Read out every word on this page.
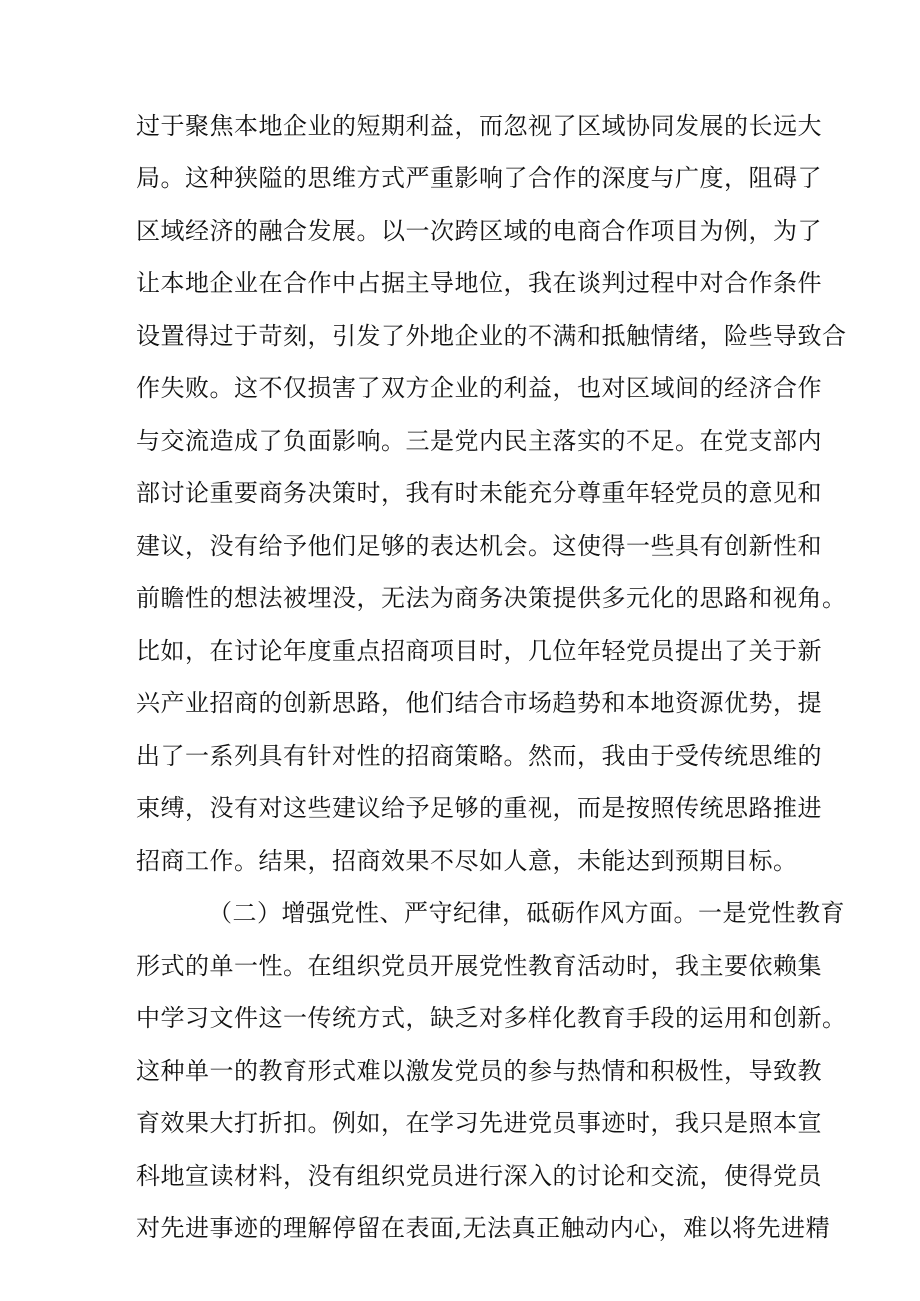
过于聚焦本地企业的短期利益，而忽视了区域协同发展的长远大
局。这种狭隘的思维方式严重影响了合作的深度与广度，阻碍了
区域经济的融合发展。以一次跨区域的电商合作项目为例，为了
让本地企业在合作中占据主导地位，我在谈判过程中对合作条件
设置得过于苛刻，引发了外地企业的不满和抵触情绪，险些导致合
作失败。这不仅损害了双方企业的利益，也对区域间的经济合作
与交流造成了负面影响。三是党内民主落实的不足。在党支部内
部讨论重要商务决策时，我有时未能充分尊重年轻党员的意见和
建议，没有给予他们足够的表达机会。这使得一些具有创新性和
前瞻性的想法被埋没，无法为商务决策提供多元化的思路和视角。
比如，在讨论年度重点招商项目时，几位年轻党员提出了关于新
兴产业招商的创新思路，他们结合市场趋势和本地资源优势，提
出了一系列具有针对性的招商策略。然而，我由于受传统思维的
束缚，没有对这些建议给予足够的重视，而是按照传统思路推进
招商工作。结果，招商效果不尽如人意，未能达到预期目标。
（二）增强党性、严守纪律，砥砺作风方面。一是党性教育
形式的单一性。在组织党员开展党性教育活动时，我主要依赖集
中学习文件这一传统方式，缺乏对多样化教育手段的运用和创新。
这种单一的教育形式难以激发党员的参与热情和积极性，导致教
育效果大打折扣。例如，在学习先进党员事迹时，我只是照本宣
科地宣读材料，没有组织党员进行深入的讨论和交流，使得党员
对先进事迹的理解停留在表面,无法真正触动内心，难以将先进精
